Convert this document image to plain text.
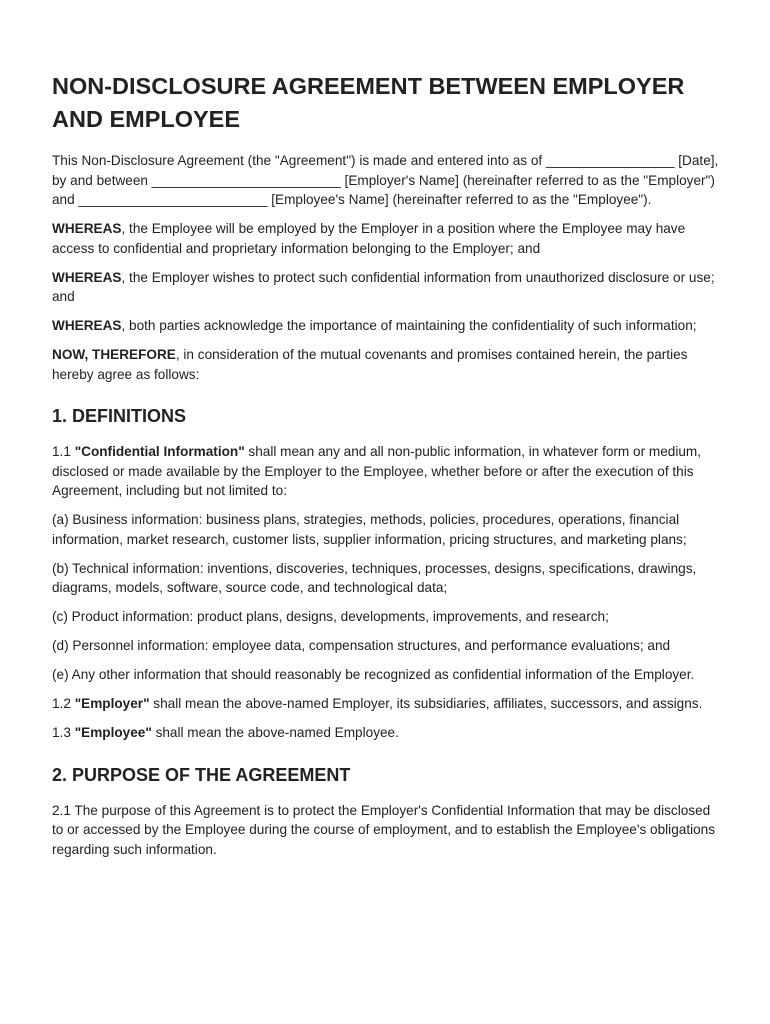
NON-DISCLOSURE AGREEMENT BETWEEN EMPLOYER AND EMPLOYEE

This Non-Disclosure Agreement (the "Agreement") is made and entered into as of _________________ [Date], by and between _________________________ [Employer's Name] (hereinafter referred to as the "Employer") and _________________________ [Employee's Name] (hereinafter referred to as the "Employee").

WHEREAS, the Employee will be employed by the Employer in a position where the Employee may have access to confidential and proprietary information belonging to the Employer; and

WHEREAS, the Employer wishes to protect such confidential information from unauthorized disclosure or use; and

WHEREAS, both parties acknowledge the importance of maintaining the confidentiality of such information;

NOW, THEREFORE, in consideration of the mutual covenants and promises contained herein, the parties hereby agree as follows:

1. DEFINITIONS

1.1 "Confidential Information" shall mean any and all non-public information, in whatever form or medium, disclosed or made available by the Employer to the Employee, whether before or after the execution of this Agreement, including but not limited to:

(a) Business information: business plans, strategies, methods, policies, procedures, operations, financial information, market research, customer lists, supplier information, pricing structures, and marketing plans;

(b) Technical information: inventions, discoveries, techniques, processes, designs, specifications, drawings, diagrams, models, software, source code, and technological data;

(c) Product information: product plans, designs, developments, improvements, and research;

(d) Personnel information: employee data, compensation structures, and performance evaluations; and

(e) Any other information that should reasonably be recognized as confidential information of the Employer.

1.2 "Employer" shall mean the above-named Employer, its subsidiaries, affiliates, successors, and assigns.

1.3 "Employee" shall mean the above-named Employee.

2. PURPOSE OF THE AGREEMENT

2.1 The purpose of this Agreement is to protect the Employer's Confidential Information that may be disclosed to or accessed by the Employee during the course of employment, and to establish the Employee's obligations regarding such information.
